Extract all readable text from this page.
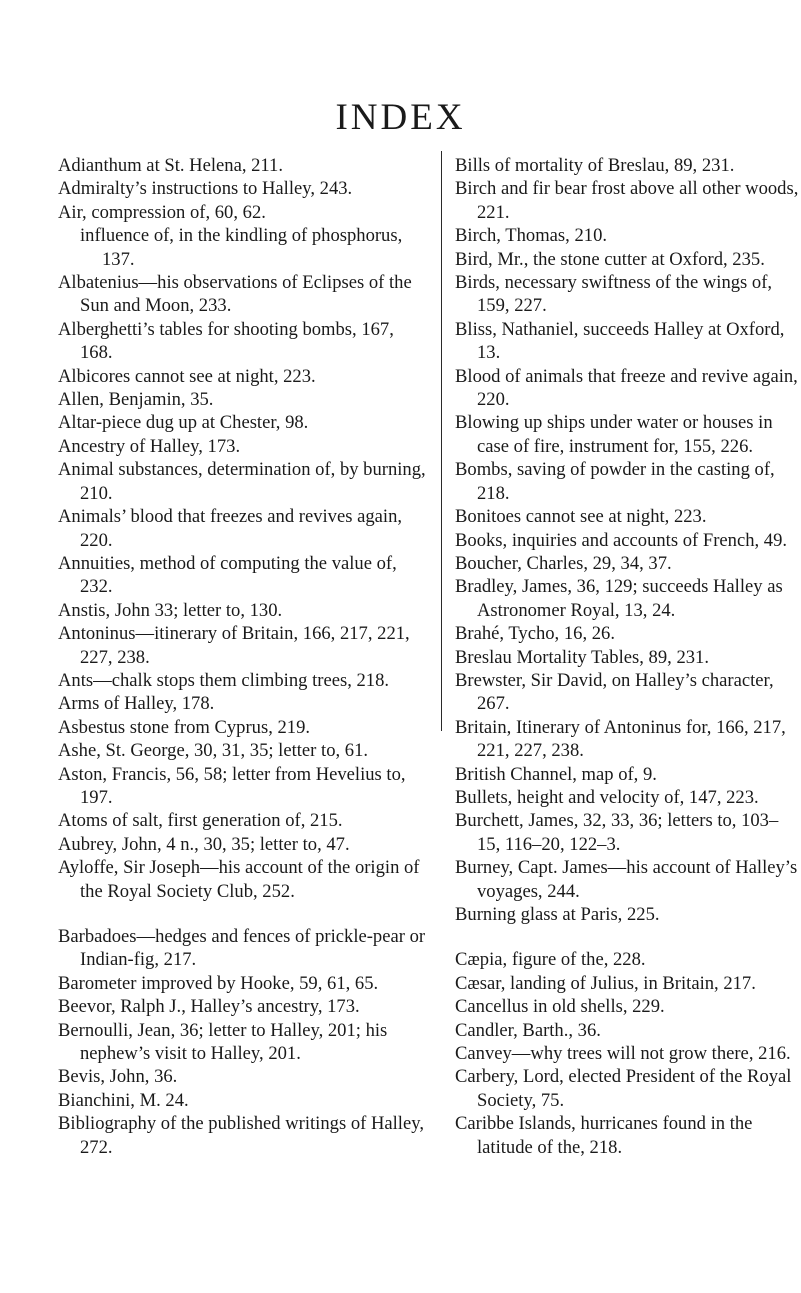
INDEX

Adianthum at St. Helena, 211.

Admiralty’s instructions to Halley, 243.

Air, compression of, 60, 62.

influence of, in the kindling of phosphorus, 137.

Albatenius—his observations of Eclipses of the Sun and Moon, 233.

Alberghetti’s tables for shooting bombs, 167, 168.

Albicores cannot see at night, 223.

Allen, Benjamin, 35.

Altar-piece dug up at Chester, 98.

Ancestry of Halley, 173.

Animal substances, determination of, by burning, 210.

Animals’ blood that freezes and revives again, 220.

Annuities, method of computing the value of, 232.

Anstis, John 33; letter to, 130.

Antoninus—itinerary of Britain, 166, 217, 221, 227, 238.

Ants—chalk stops them climbing trees, 218.

Arms of Halley, 178.

Asbestus stone from Cyprus, 219.

Ashe, St. George, 30, 31, 35; letter to, 61.

Aston, Francis, 56, 58; letter from Hevelius to, 197.

Atoms of salt, first generation of, 215.

Aubrey, John, 4 n., 30, 35; letter to, 47.

Ayloffe, Sir Joseph—his account of the origin of the Royal Society Club, 252.

Barbadoes—hedges and fences of prickle-pear or Indian-fig, 217.

Barometer improved by Hooke, 59, 61, 65.

Beevor, Ralph J., Halley’s ancestry, 173.

Bernoulli, Jean, 36; letter to Halley, 201; his nephew’s visit to Halley, 201.

Bevis, John, 36.

Bianchini, M. 24.

Bibliography of the published writings of Halley, 272.

Bills of mortality of Breslau, 89, 231.

Birch and fir bear frost above all other woods, 221.

Birch, Thomas, 210.

Bird, Mr., the stone cutter at Oxford, 235.

Birds, necessary swiftness of the wings of, 159, 227.

Bliss, Nathaniel, succeeds Halley at Oxford, 13.

Blood of animals that freeze and revive again, 220.

Blowing up ships under water or houses in case of fire, instrument for, 155, 226.

Bombs, saving of powder in the casting of, 218.

Bonitoes cannot see at night, 223.

Books, inquiries and accounts of French, 49.

Boucher, Charles, 29, 34, 37.

Bradley, James, 36, 129; succeeds Halley as Astronomer Royal, 13, 24.

Brahé, Tycho, 16, 26.

Breslau Mortality Tables, 89, 231.

Brewster, Sir David, on Halley’s character, 267.

Britain, Itinerary of Antoninus for, 166, 217, 221, 227, 238.

British Channel, map of, 9.

Bullets, height and velocity of, 147, 223.

Burchett, James, 32, 33, 36; letters to, 103–15, 116–20, 122–3.

Burney, Capt. James—his account of Halley’s voyages, 244.

Burning glass at Paris, 225.

Cæpia, figure of the, 228.

Cæsar, landing of Julius, in Britain, 217.

Cancellus in old shells, 229.

Candler, Barth., 36.

Canvey—why trees will not grow there, 216.

Carbery, Lord, elected President of the Royal Society, 75.

Caribbe Islands, hurricanes found in the latitude of the, 218.
